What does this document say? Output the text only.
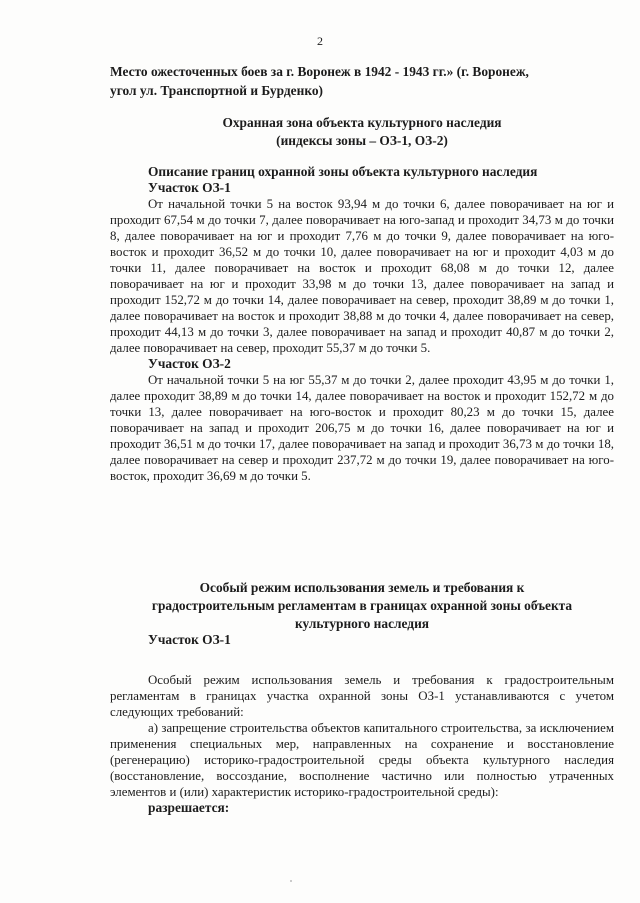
2
Место ожесточенных боев за г. Воронеж в 1942 - 1943 гг.» (г. Воронеж,
угол ул. Транспортной и Бурденко)
Охранная зона объекта культурного наследия
(индексы зоны – ОЗ-1, ОЗ-2)
Описание границ охранной зоны объекта культурного наследия
Участок ОЗ-1

От начальной точки 5 на восток 93,94 м до точки 6, далее поворачивает на юг и проходит 67,54 м до точки 7, далее поворачивает на юго-запад и проходит 34,73 м до точки 8, далее поворачивает на юг и проходит 7,76 м до точки 9, далее поворачивает на юго-восток и проходит 36,52 м до точки 10, далее поворачивает на юг и проходит 4,03 м до точки 11, далее поворачивает на восток и проходит 68,08 м до точки 12, далее поворачивает на юг и проходит 33,98 м до точки 13, далее поворачивает на запад и проходит 152,72 м до точки 14, далее поворачивает на север, проходит 38,89 м до точки 1, далее поворачивает на восток и проходит 38,88 м до точки 4, далее поворачивает на север, проходит 44,13 м до точки 3, далее поворачивает на запад и проходит 40,87 м до точки 2, далее поворачивает на север, проходит 55,37 м до точки 5.

Участок ОЗ-2

От начальной точки 5 на юг 55,37 м до точки 2, далее проходит 43,95 м до точки 1, далее проходит 38,89 м до точки 14, далее поворачивает на восток и проходит 152,72 м до точки 13, далее поворачивает на юго-восток и проходит 80,23 м до точки 15, далее поворачивает на запад и проходит 206,75 м до точки 16, далее поворачивает на юг и проходит 36,51 м до точки 17, далее поворачивает на запад и проходит 36,73 м до точки 18, далее поворачивает на север и проходит 237,72 м до точки 19, далее поворачивает на юго-восток, проходит 36,69 м до точки 5.

Особый режим использования земель и требования к
градостроительным регламентам в границах охранной зоны объекта
культурного наследия
Участок ОЗ-1

Особый режим использования земель и требования к градостроительным регламентам в границах участка охранной зоны ОЗ-1 устанавливаются с учетом следующих требований:

а) запрещение строительства объектов капитального строительства, за исключением применения специальных мер, направленных на сохранение и восстановление (регенерацию) историко-градостроительной среды объекта культурного наследия (восстановление, воссоздание, восполнение частично или полностью утраченных элементов и (или) характеристик историко-градостроительной среды):

разрешается:
